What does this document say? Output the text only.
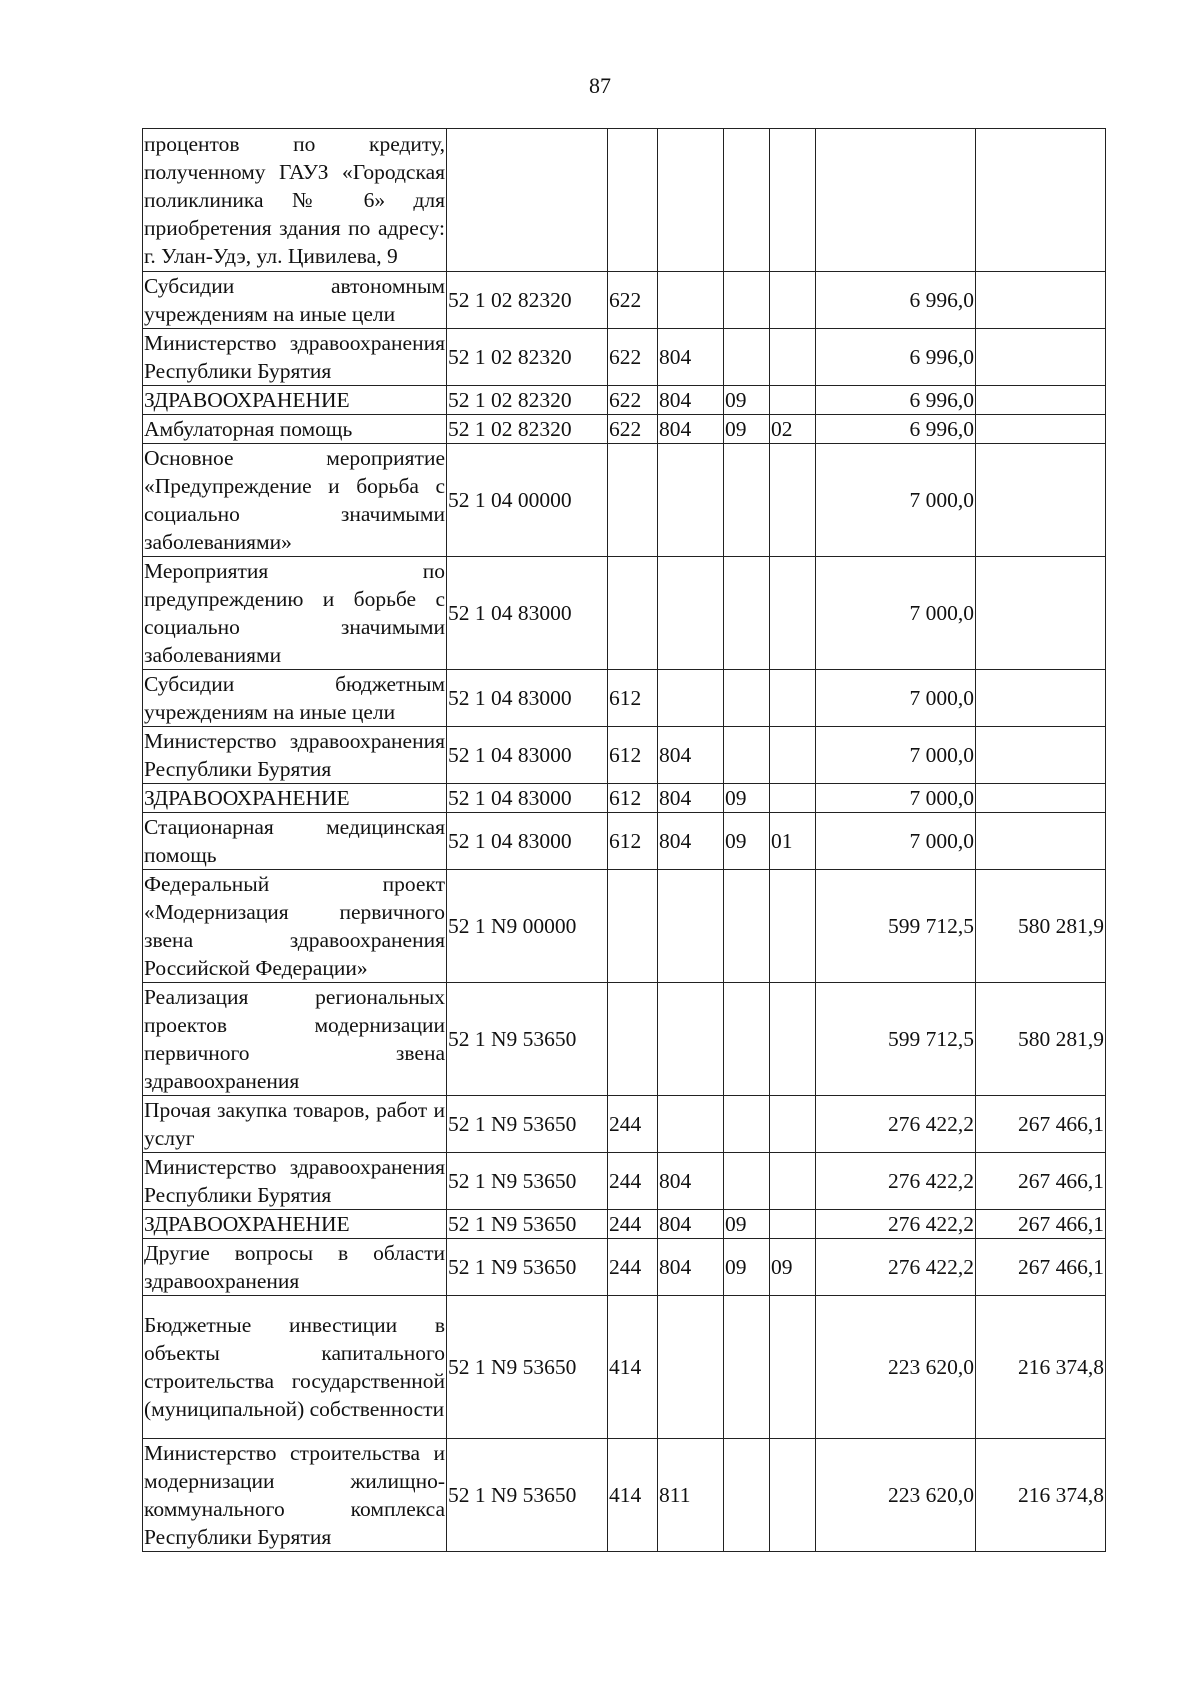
87
процентов по кредиту, полученному ГАУЗ «Городская поликлиника № 6» для приобретения здания по адресу: г. Улан-Удэ, ул. Цивилева, 9							
Субсидии автономным учреждениям на иные цели	52 1 02 82320	622				6 996,0	
Министерство здравоохранения Республики Бурятия	52 1 02 82320	622	804			6 996,0	
ЗДРАВООХРАНЕНИЕ	52 1 02 82320	622	804	09		6 996,0	
Амбулаторная помощь	52 1 02 82320	622	804	09	02	6 996,0	
Основное мероприятие «Предупреждение и борьба с социально значимыми заболеваниями»	52 1 04 00000					7 000,0	
Мероприятия по предупреждению и борьбе с социально значимыми заболеваниями	52 1 04 83000					7 000,0	
Субсидии бюджетным учреждениям на иные цели	52 1 04 83000	612				7 000,0	
Министерство здравоохранения Республики Бурятия	52 1 04 83000	612	804			7 000,0	
ЗДРАВООХРАНЕНИЕ	52 1 04 83000	612	804	09		7 000,0	
Стационарная медицинская помощь	52 1 04 83000	612	804	09	01	7 000,0	
Федеральный проект «Модернизация первичного звена здравоохранения Российской Федерации»	52 1 N9 00000					599 712,5	580 281,9
Реализация региональных проектов модернизации первичного звена здравоохранения	52 1 N9 53650					599 712,5	580 281,9
Прочая закупка товаров, работ и услуг	52 1 N9 53650	244				276 422,2	267 466,1
Министерство здравоохранения Республики Бурятия	52 1 N9 53650	244	804			276 422,2	267 466,1
ЗДРАВООХРАНЕНИЕ	52 1 N9 53650	244	804	09		276 422,2	267 466,1
Другие вопросы в области здравоохранения	52 1 N9 53650	244	804	09	09	276 422,2	267 466,1
Бюджетные инвестиции в объекты капитального строительства государственной (муниципальной) собственности	52 1 N9 53650	414				223 620,0	216 374,8
Министерство строительства и модернизации жилищно-коммунального комплекса Республики Бурятия	52 1 N9 53650	414	811			223 620,0	216 374,8
